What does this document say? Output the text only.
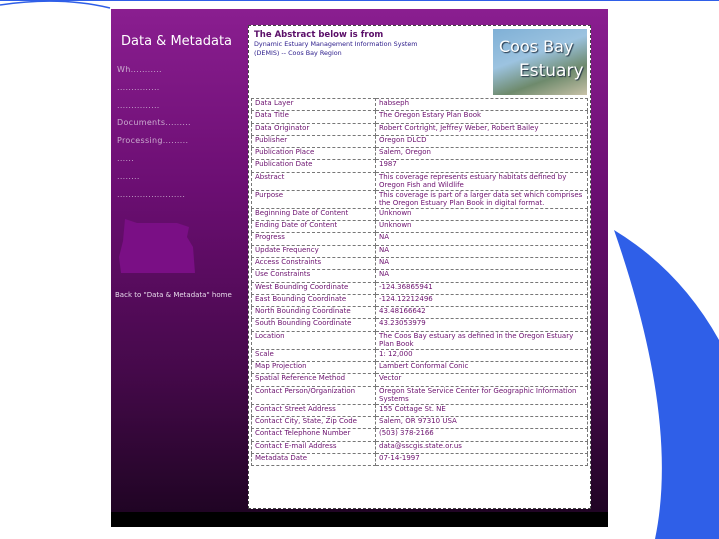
Data & Metadata
Wh...........
...............
...............
Documents.........
Processing.........
......
........
........................
Back to "Data & Metadata" home
The Abstract below is from
Dynamic Estuary Management Information System
(DEMIS) -- Coos Bay Region	Coos Bay
Estuary
Data Layer	habseph
Data Title	The Oregon Estary Plan Book
Data Originator	Robert Cortright, Jeffrey Weber, Robert Bailey
Publisher	Oregon DLCD
Publication Place	Salem, Oregon
Publication Date	1987
Abstract	This coverage represents estuary habitats defined by Oregon Fish and Wildlife
Purpose	This coverage is part of a larger data set which comprises the Oregon Estuary Plan Book in digital format.
Beginning Date of Content	Unknown
Ending Date of Content	Unknown
Progress	NA
Update Frequency	NA
Access Constraints	NA
Use Constraints	NA
West Bounding Coordinate	-124.36865941
East Bounding Coordinate	-124.12212496
North Bounding Coordinate	43.48166642
South Bounding Coordinate	43.23053979
Location	The Coos Bay estuary as defined in the Oregon Estuary Plan Book
Scale	1: 12,000
Map Projection	Lambert Conformal Conic
Spatial Reference Method	Vector
Contact Person/Organization	Oregon State Service Center for Geographic Information Systems
Contact Street Address	155 Cottage St. NE
Contact City, State, Zip Code	Salem, OR 97310 USA
Contact Telephone Number	(503) 378-2166
Contact E-mail Address	data@sscgis.state.or.us
Metadata Date	07-14-1997
